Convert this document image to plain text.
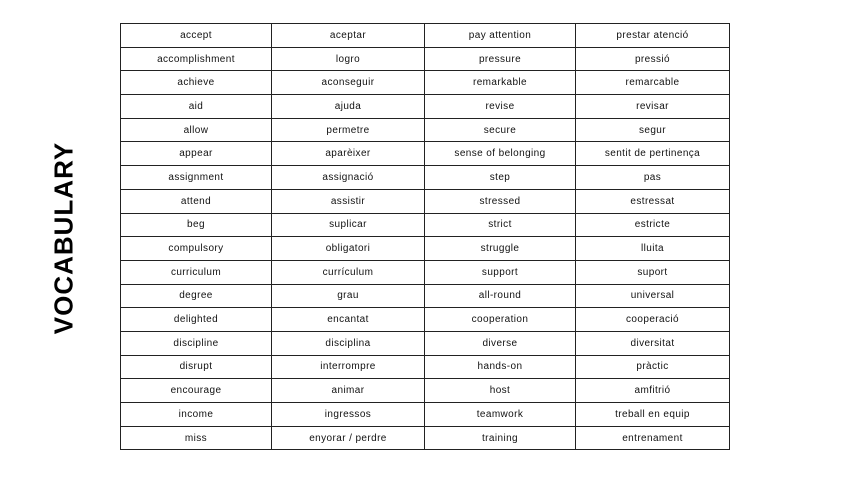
VOCABULARY
accept	aceptar	pay attention	prestar atenció
accomplishment	logro	pressure	pressió
achieve	aconseguir	remarkable	remarcable
aid	ajuda	revise	revisar
allow	permetre	secure	segur
appear	aparèixer	sense of belonging	sentit de pertinença
assignment	assignació	step	pas
attend	assistir	stressed	estressat
beg	suplicar	strict	estricte
compulsory	obligatori	struggle	lluita
curriculum	currículum	support	suport
degree	grau	all-round	universal
delighted	encantat	cooperation	cooperació
discipline	disciplina	diverse	diversitat
disrupt	interrompre	hands-on	pràctic
encourage	animar	host	amfitrió
income	ingressos	teamwork	treball en equip
miss	enyorar / perdre	training	entrenament
